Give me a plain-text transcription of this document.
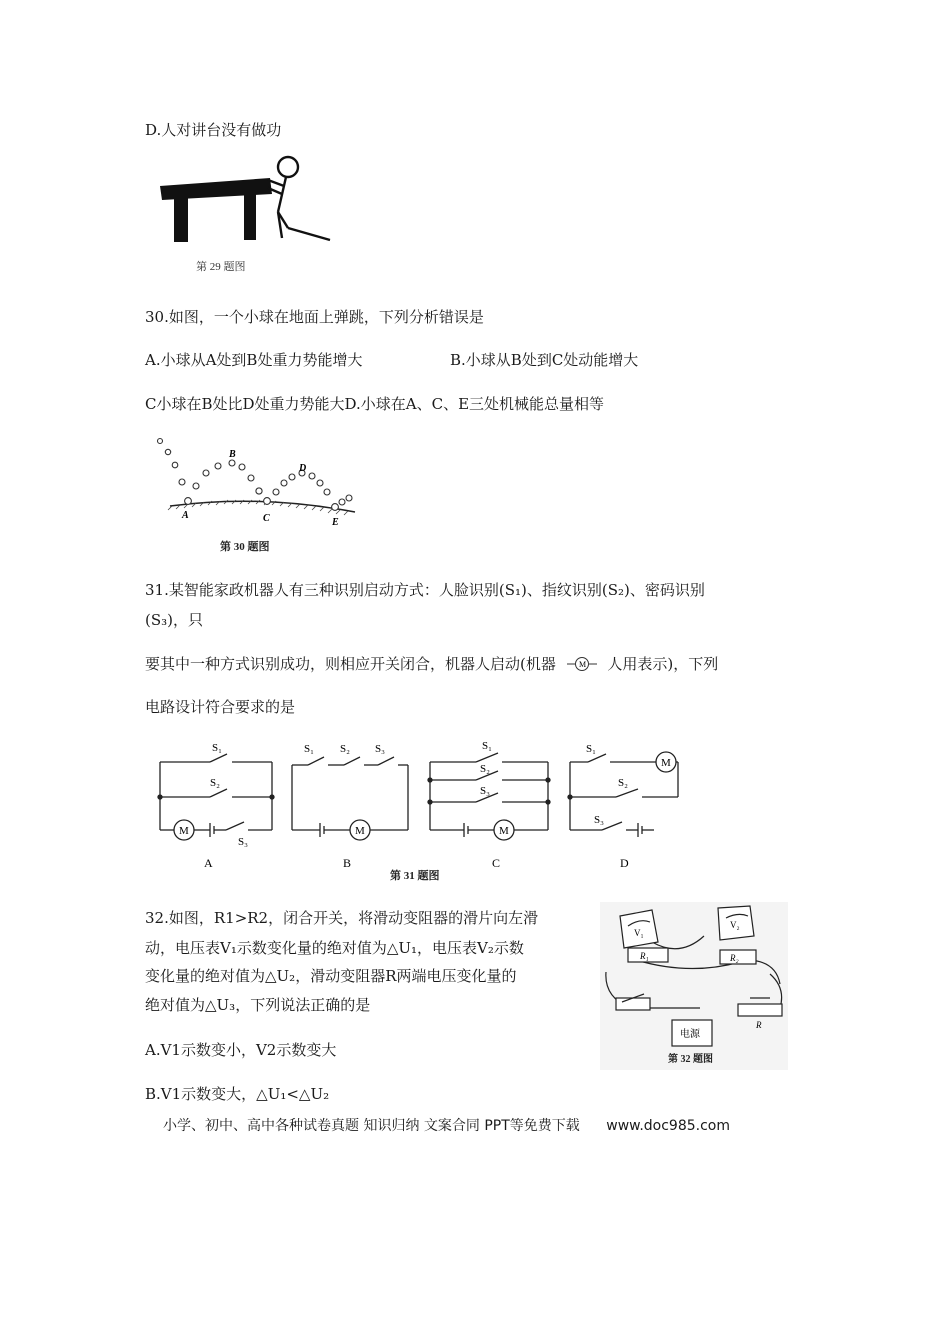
D.人对讲台没有做功
第 29 题图
30.如图，一个小球在地面上弹跳，下列分析错误是
A.小球从A处到B处重力势能增大	B.小球从B处到C处动能增大
C小球在B处比D处重力势能大D.小球在A、C、E三处机械能总量相等
A
B
C
D
E
第 30 题图
31.某智能家政机器人有三种识别启动方式：人脸识别(S₁)、指纹识别(S₂)、密码识别
(S₃)，只
要其中一种方式识别成功，则相应开关闭合，机器人启动(机器	M 人用表示)，下列
电路设计符合要求的是
M	M	M
M
S₁
S₂
S₃
S₁ S₂ S₃	S₁
S₂
S₃
S₁
S₂
S₃
A	B	C	D
第 31 题图
32.如图，R1>R2，闭合开关，将滑动变阻器的滑片向左滑
动，电压表V₁示数变化量的绝对值为△U₁，电压表V₂示数
变化量的绝对值为△U₂，滑动变阻器R两端电压变化量的
绝对值为△U₃，下列说法正确的是
A.V1示数变小，V2示数变大
B.V1示数变大，△U₁<△U₂
V₁
V₂
R₁	R₂
R
电源
第 32 题图
小学、初中、高中各种试卷真题 知识归纳 文案合同 PPT等免费下载 www.doc985.com
